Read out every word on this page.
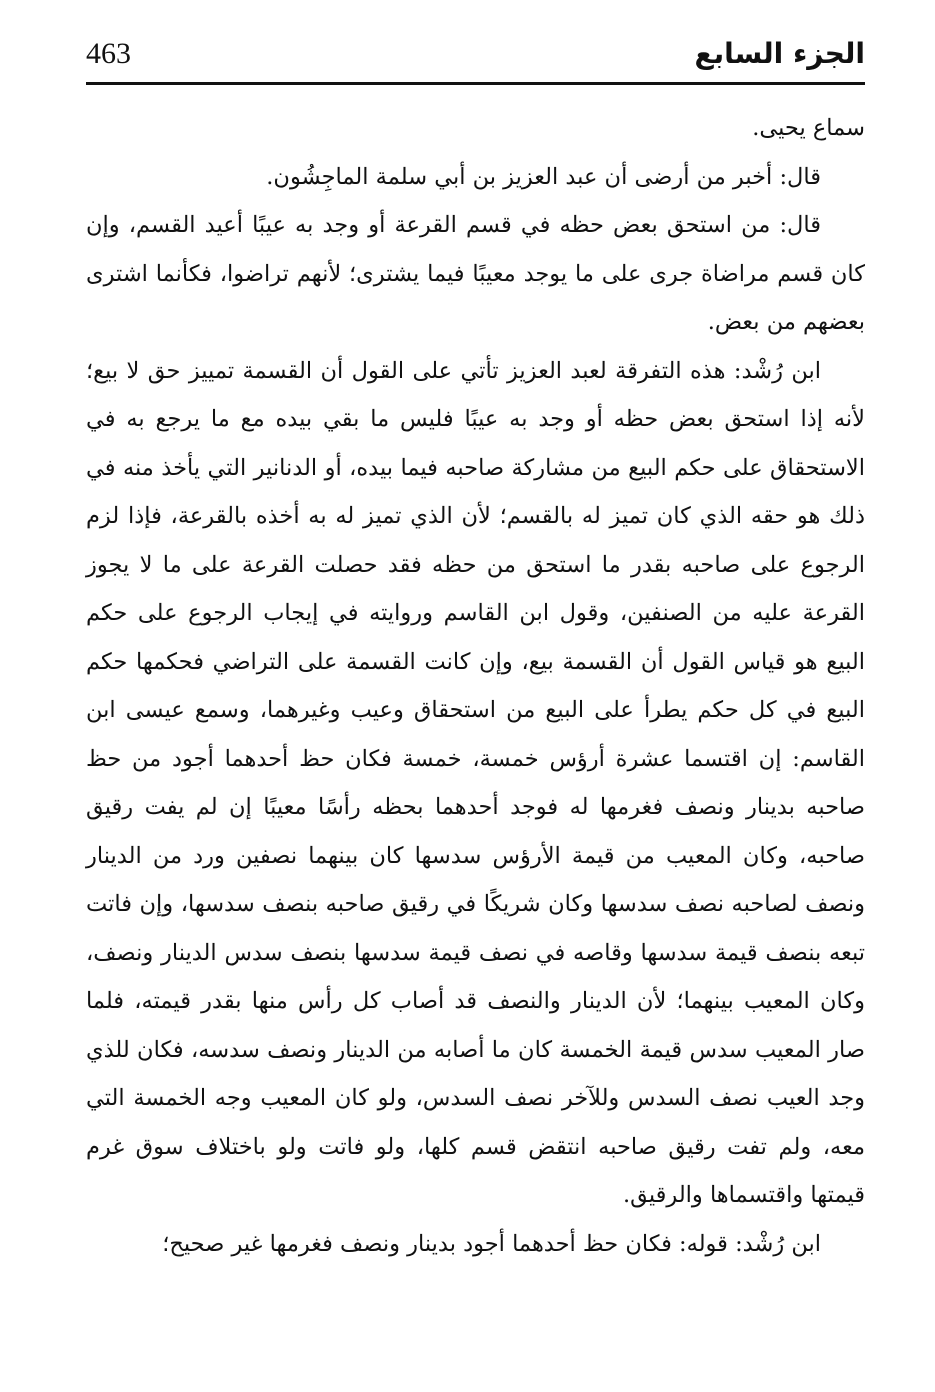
463	الجزء السابع

سماع يحيى.

قال: أخبر من أرضى أن عبد العزيز بن أبي سلمة الماجِشُون.

قال: من استحق بعض حظه في قسم القرعة أو وجد به عيبًا أعيد القسم، وإن كان قسم مراضاة جرى على ما يوجد معيبًا فيما يشترى؛ لأنهم تراضوا، فكأنما اشترى بعضهم من بعض.

ابن رُشْد: هذه التفرقة لعبد العزيز تأتي على القول أن القسمة تمييز حق لا بيع؛ لأنه إذا استحق بعض حظه أو وجد به عيبًا فليس ما بقي بيده مع ما يرجع به في الاستحقاق على حكم البيع من مشاركة صاحبه فيما بيده، أو الدنانير التي يأخذ منه في ذلك هو حقه الذي كان تميز له بالقسم؛ لأن الذي تميز له به أخذه بالقرعة، فإذا لزم الرجوع على صاحبه بقدر ما استحق من حظه فقد حصلت القرعة على ما لا يجوز القرعة عليه من الصنفين، وقول ابن القاسم وروايته في إيجاب الرجوع على حكم البيع هو قياس القول أن القسمة بيع، وإن كانت القسمة على التراضي فحكمها حكم البيع في كل حكم يطرأ على البيع من استحقاق وعيب وغيرهما، وسمع عيسى ابن القاسم: إن اقتسما عشرة أرؤس خمسة، خمسة فكان حظ أحدهما أجود من حظ صاحبه بدينار ونصف فغرمها له فوجد أحدهما بحظه رأسًا معيبًا إن لم يفت رقيق صاحبه، وكان المعيب من قيمة الأرؤس سدسها كان بينهما نصفين ورد من الدينار ونصف لصاحبه نصف سدسها وكان شريكًا في رقيق صاحبه بنصف سدسها، وإن فاتت تبعه بنصف قيمة سدسها وقاصه في نصف قيمة سدسها بنصف سدس الدينار ونصف، وكان المعيب بينهما؛ لأن الدينار والنصف قد أصاب كل رأس منها بقدر قيمته، فلما صار المعيب سدس قيمة الخمسة كان ما أصابه من الدينار ونصف سدسه، فكان للذي وجد العيب نصف السدس وللآخر نصف السدس، ولو كان المعيب وجه الخمسة التي معه، ولم تفت رقيق صاحبه انتقض قسم كلها، ولو فاتت ولو باختلاف سوق غرم قيمتها واقتسماها والرقيق.

ابن رُشْد: قوله: فكان حظ أحدهما أجود بدينار ونصف فغرمها غير صحيح؛
